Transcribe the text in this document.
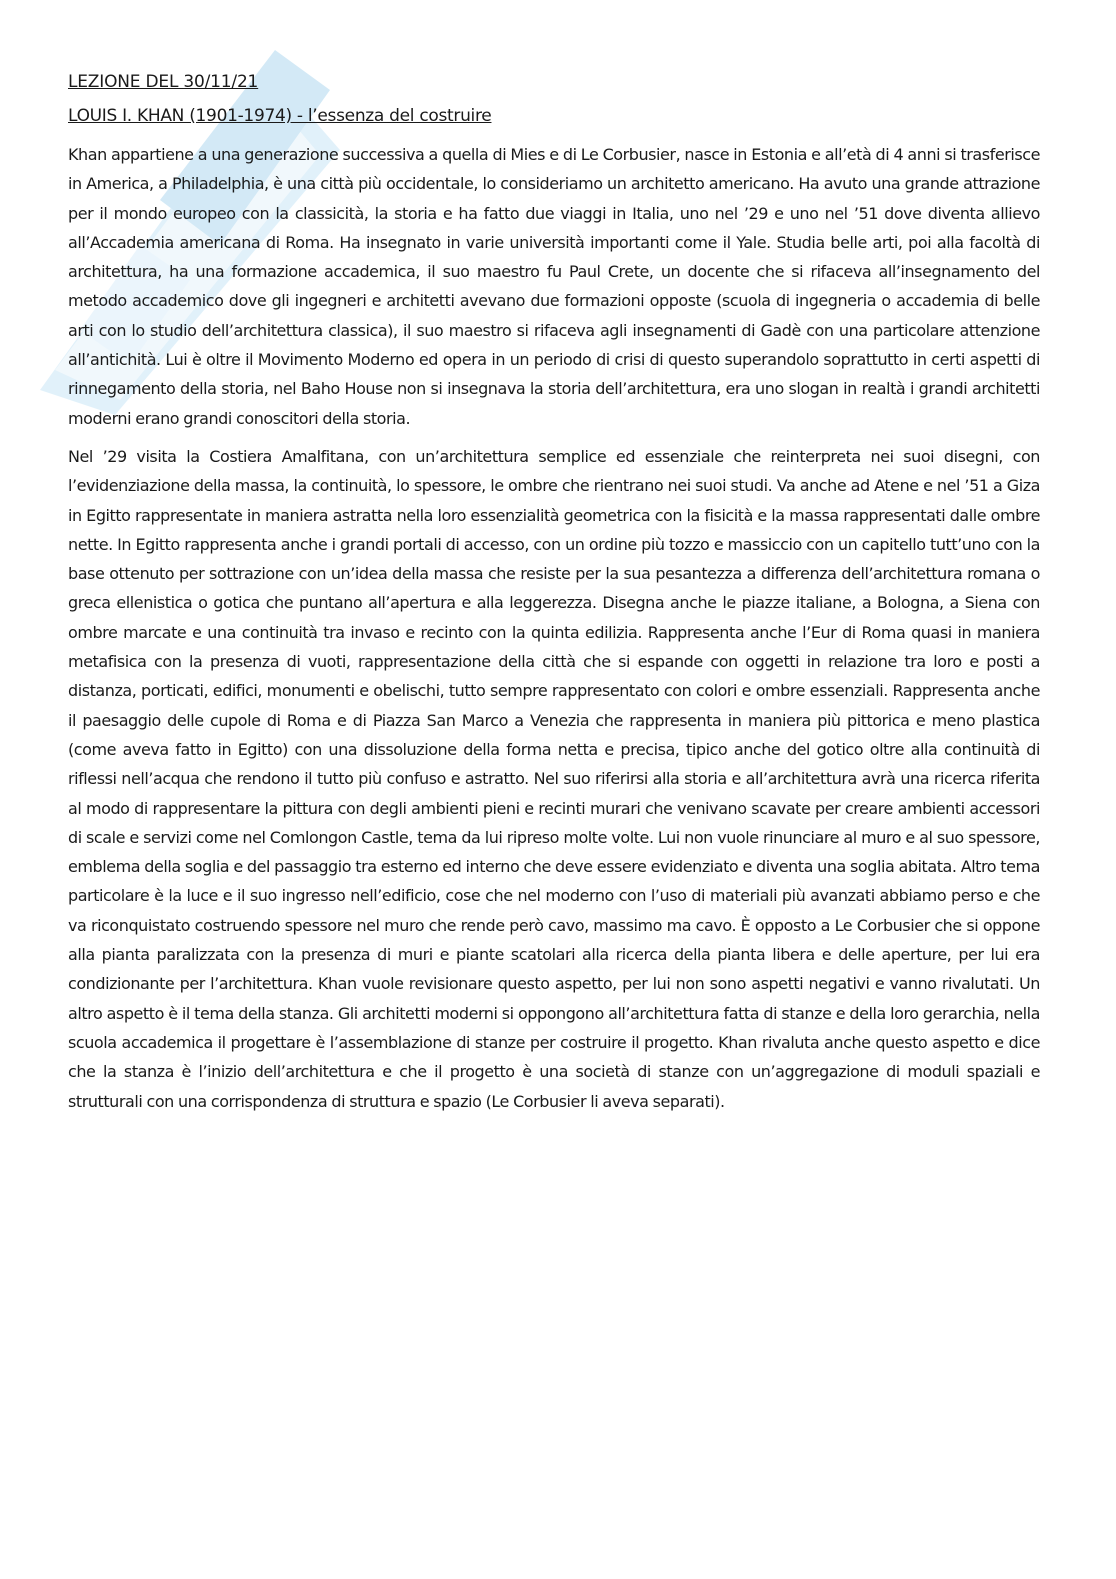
LEZIONE DEL 30/11/21
LOUIS I. KHAN (1901-1974) - l’essenza del costruire

Khan appartiene a una generazione successiva a quella di Mies e di Le Corbusier, nasce in Estonia e all’età di 4 anni si trasferisce in America, a Philadelphia, è una città più occidentale, lo consideriamo un architetto americano. Ha avuto una grande attrazione per il mondo europeo con la classicità, la storia e ha fatto due viaggi in Italia, uno nel ’29 e uno nel ’51 dove diventa allievo all’Accademia americana di Roma. Ha insegnato in varie università importanti come il Yale. Studia belle arti, poi alla facoltà di architettura, ha una formazione accademica, il suo maestro fu Paul Crete, un docente che si rifaceva all’insegnamento del metodo accademico dove gli ingegneri e architetti avevano due formazioni opposte (scuola di ingegneria o accademia di belle arti con lo studio dell’architettura classica), il suo maestro si rifaceva agli insegnamenti di Gadè con una particolare attenzione all’antichità. Lui è oltre il Movimento Moderno ed opera in un periodo di crisi di questo superandolo soprattutto in certi aspetti di rinnegamento della storia, nel Baho House non si insegnava la storia dell’architettura, era uno slogan in realtà i grandi architetti moderni erano grandi conoscitori della storia.

Nel ’29 visita la Costiera Amalfitana, con un’architettura semplice ed essenziale che reinterpreta nei suoi disegni, con l’evidenziazione della massa, la continuità, lo spessore, le ombre che rientrano nei suoi studi. Va anche ad Atene e nel ’51 a Giza in Egitto rappresentate in maniera astratta nella loro essenzialità geometrica con la fisicità e la massa rappresentati dalle ombre nette. In Egitto rappresenta anche i grandi portali di accesso, con un ordine più tozzo e massiccio con un capitello tutt’uno con la base ottenuto per sottrazione con un’idea della massa che resiste per la sua pesantezza a differenza dell’architettura romana o greca ellenistica o gotica che puntano all’apertura e alla leggerezza. Disegna anche le piazze italiane, a Bologna, a Siena con ombre marcate e una continuità tra invaso e recinto con la quinta edilizia. Rappresenta anche l’Eur di Roma quasi in maniera metafisica con la presenza di vuoti, rappresentazione della città che si espande con oggetti in relazione tra loro e posti a distanza, porticati, edifici, monumenti e obelischi, tutto sempre rappresentato con colori e ombre essenziali. Rappresenta anche il paesaggio delle cupole di Roma e di Piazza San Marco a Venezia che rappresenta in maniera più pittorica e meno plastica (come aveva fatto in Egitto) con una dissoluzione della forma netta e precisa, tipico anche del gotico oltre alla continuità di riflessi nell’acqua che rendono il tutto più confuso e astratto. Nel suo riferirsi alla storia e all’architettura avrà una ricerca riferita al modo di rappresentare la pittura con degli ambienti pieni e recinti murari che venivano scavate per creare ambienti accessori di scale e servizi come nel Comlongon Castle, tema da lui ripreso molte volte. Lui non vuole rinunciare al muro e al suo spessore, emblema della soglia e del passaggio tra esterno ed interno che deve essere evidenziato e diventa una soglia abitata. Altro tema particolare è la luce e il suo ingresso nell’edificio, cose che nel moderno con l’uso di materiali più avanzati abbiamo perso e che va riconquistato costruendo spessore nel muro che rende però cavo, massimo ma cavo. È opposto a Le Corbusier che si oppone alla pianta paralizzata con la presenza di muri e piante scatolari alla ricerca della pianta libera e delle aperture, per lui era condizionante per l’architettura. Khan vuole revisionare questo aspetto, per lui non sono aspetti negativi e vanno rivalutati. Un altro aspetto è il tema della stanza. Gli architetti moderni si oppongono all’architettura fatta di stanze e della loro gerarchia, nella scuola accademica il progettare è l’assemblazione di stanze per costruire il progetto. Khan rivaluta anche questo aspetto e dice che la stanza è l’inizio dell’architettura e che il progetto è una società di stanze con un’aggregazione di moduli spaziali e strutturali con una corrispondenza di struttura e spazio (Le Corbusier li aveva separati).
